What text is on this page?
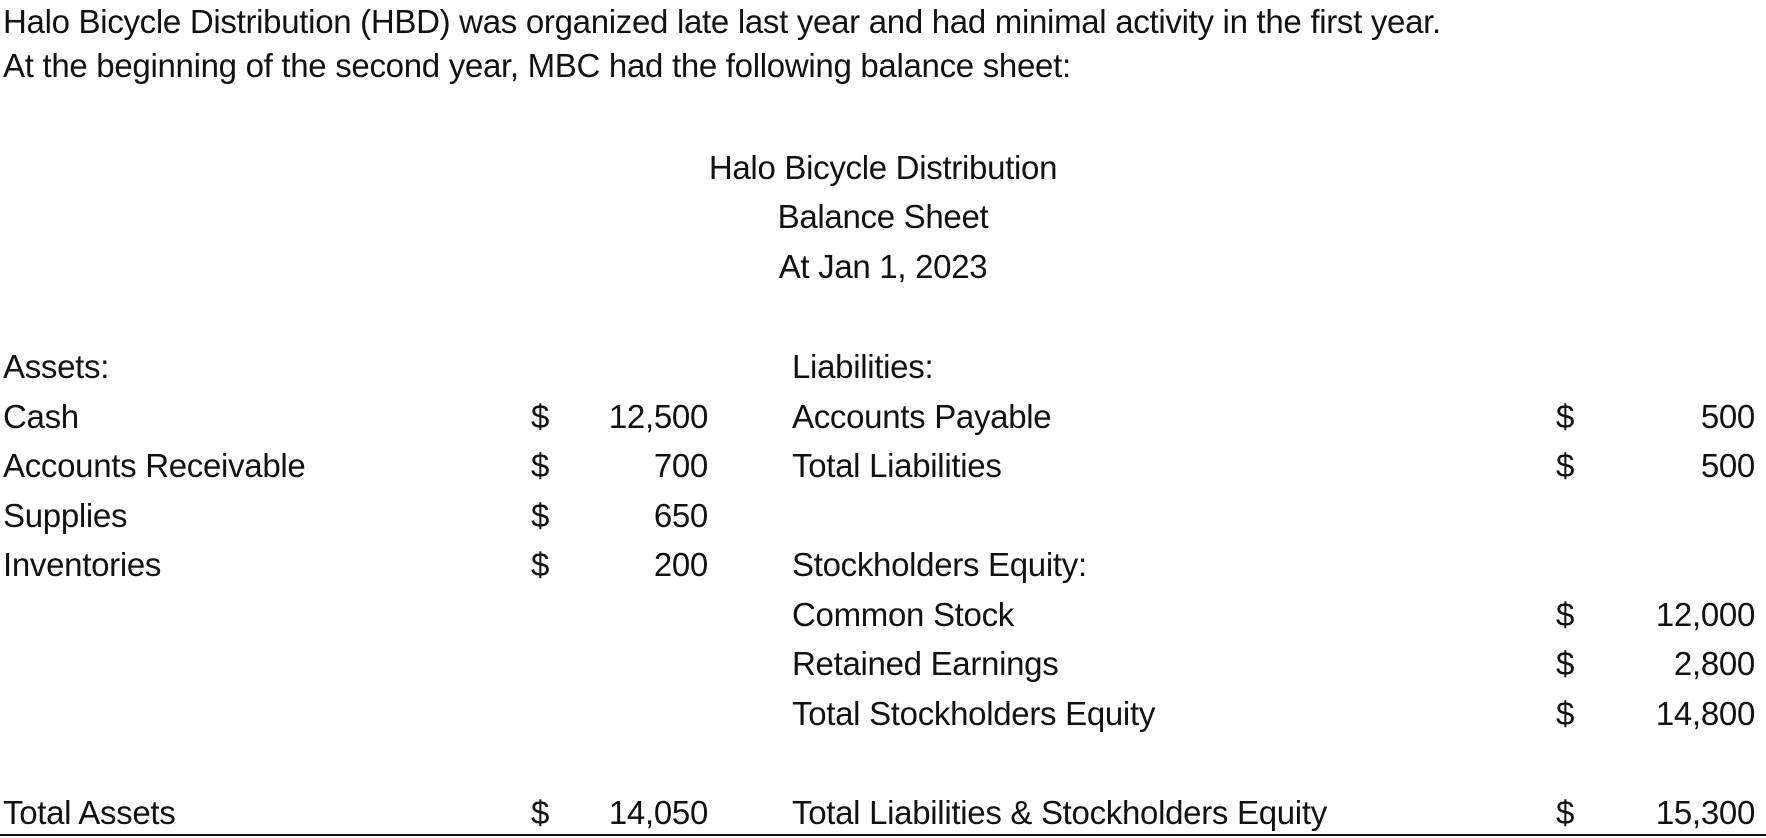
Halo Bicycle Distribution (HBD) was organized late last year and had minimal activity in the first year.
At the beginning of the second year, MBC had the following balance sheet:
Halo Bicycle Distribution
Balance Sheet
At Jan 1, 2023
Assets:
Cash	$	12,500
Accounts Receivable	$	700
Supplies	$	650
Inventories	$	200
Total Assets	$	14,050
Liabilities:
Accounts Payable	$	500
Total Liabilities	$	500
Stockholders Equity:
Common Stock	$	12,000
Retained Earnings	$	2,800
Total Stockholders Equity	$	14,800
Total Liabilities & Stockholders Equity	$	15,300
